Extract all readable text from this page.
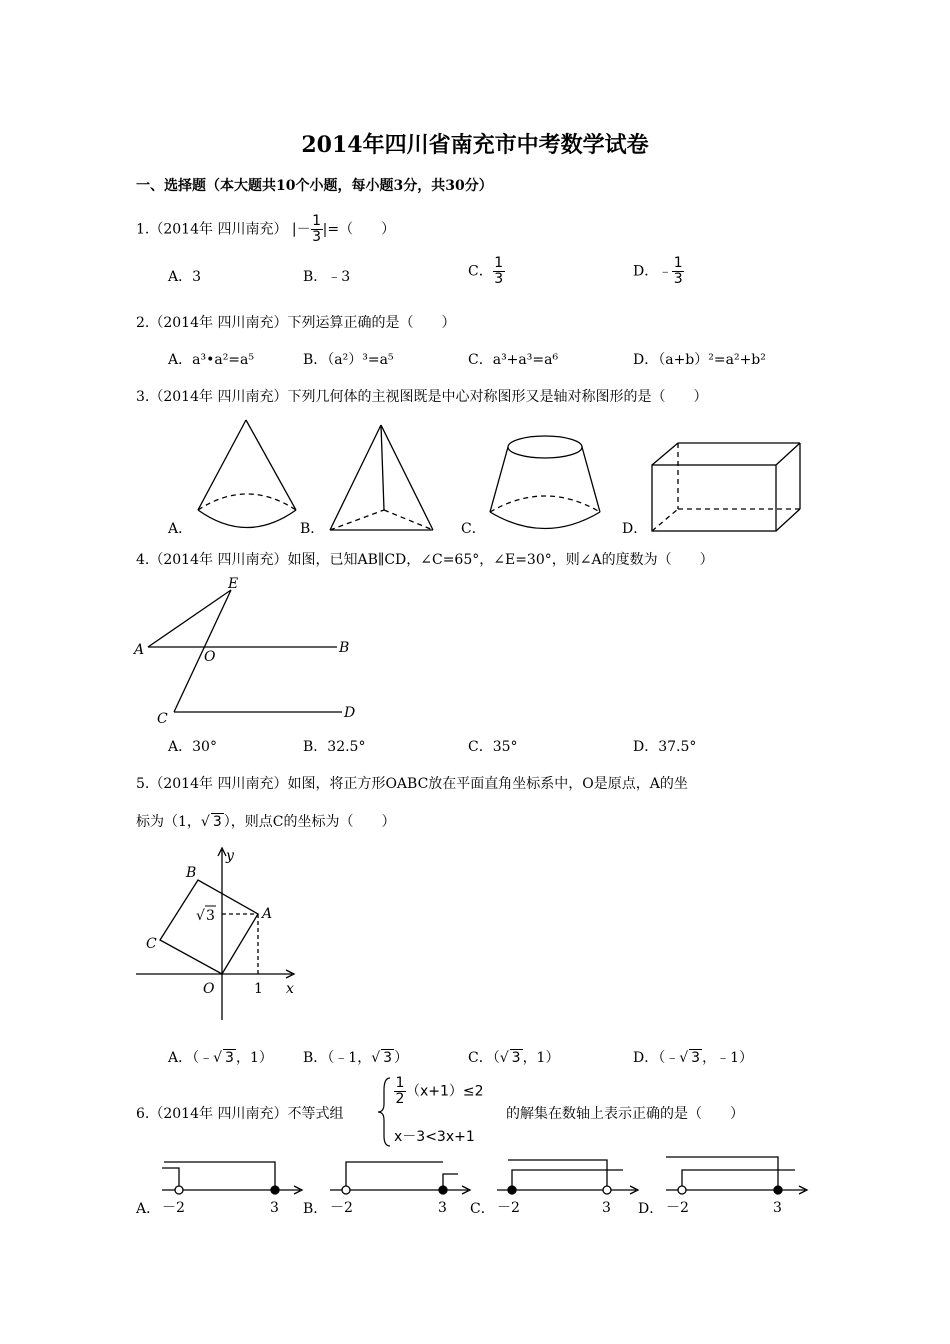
2014年四川省南充市中考数学试卷
一、选择题（本大题共10个小题，每小题3分，共30分）
1.（2014年 四川南充） |－ $\frac{1}{3}$ |=（　　）
A．3	B．﹣3	C． $\frac{1}{3}$	D．﹣ $\frac{1}{3}$
2.（2014年 四川南充）下列运算正确的是（　　）
A．a³•a²=a⁵	B．（a²）³=a⁵	C．a³+a³=a⁶	D．（a+b）²=a²+b²
3.（2014年 四川南充）下列几何体的主视图既是中心对称图形又是轴对称图形的是（　　）
E
A	O
B
C	D
B
A
C
O	x
y
1
√ 3
－2	3	－2	3	－2	3	－2	3
A．	B．	C．	D．
4.（2014年 四川南充）如图，已知AB∥CD，∠C=65°，∠E=30°，则∠A的度数为（　　）
A．30°	B．32.5°	C．35°	D．37.5°
5.（2014年 四川南充）如图，将正方形OABC放在平面直角坐标系中，O是原点，A的坐
标为（1，√ 3 ），则点C的坐标为（　　）
A．（﹣√ 3 ，1） B．（﹣1，√ 3 ）	C．（√ 3 ，1）	D．（﹣√ 3 ，﹣1）
6.（2014年 四川南充）不等式组
$\frac{1}{2} (x+1)\le 2$
x－3<3x+1
的解集在数轴上表示正确的是（　　）
A．	B．	C．	D．
